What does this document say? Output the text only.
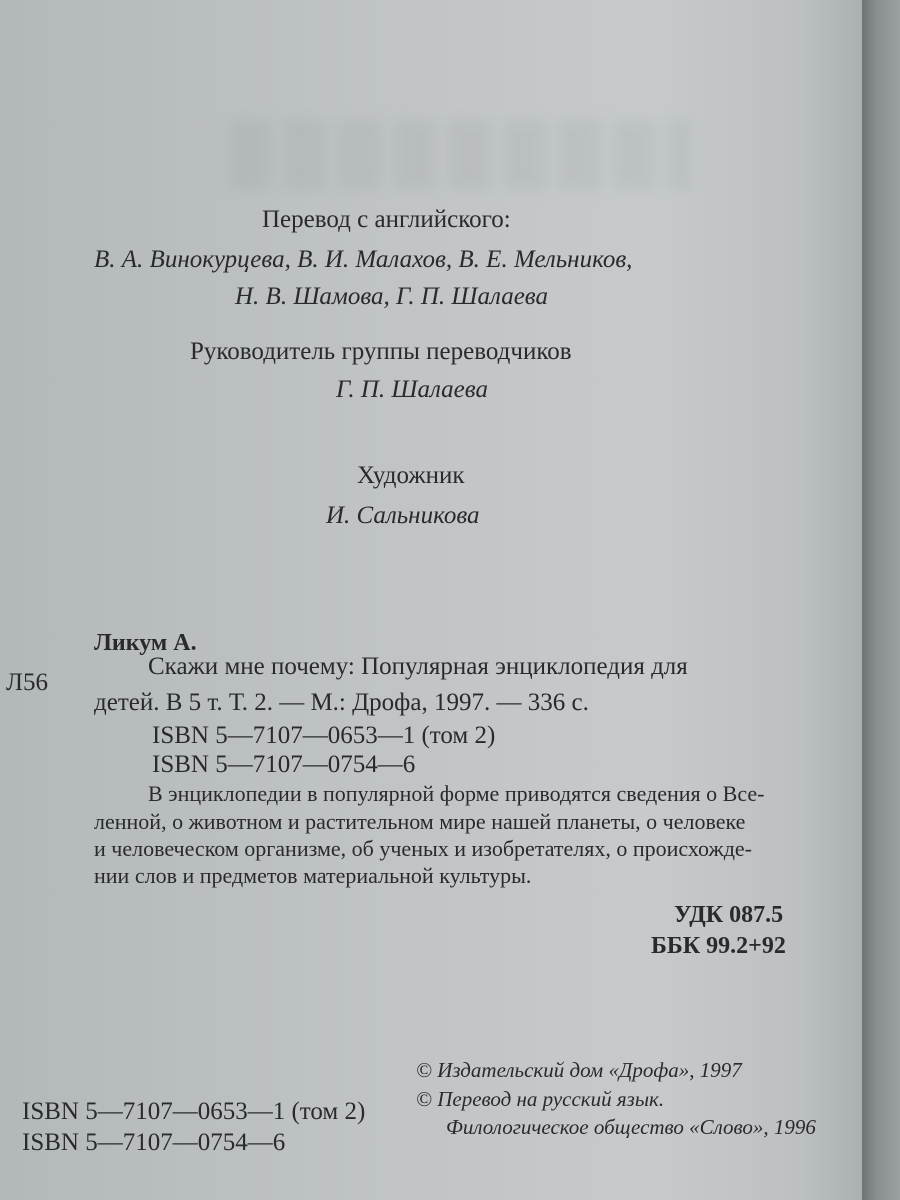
Перевод с английского:
В. А. Винокурцева, В. И. Малахов, В. Е. Мельников,
Н. В. Шамова, Г. П. Шалаева
Руководитель группы переводчиков
Г. П. Шалаева
Художник
И. Сальникова
Ликум А.
Л56
Скажи мне почему: Популярная энциклопедия для
детей. В 5 т. Т. 2. — М.: Дрофа, 1997. — 336 с.
ISBN 5—7107—0653—1 (том 2)
ISBN 5—7107—0754—6
В энциклопедии в популярной форме приводятся сведения о Все-
ленной, о животном и растительном мире нашей планеты, о человеке
и человеческом организме, об ученых и изобретателях, о происхожде-
нии слов и предметов материальной культуры.
УДК 087.5
ББК 99.2+92
© Издательский дом «Дрофа», 1997
© Перевод на русский язык.
Филологическое общество «Слово», 1996
ISBN 5—7107—0653—1 (том 2)
ISBN 5—7107—0754—6
